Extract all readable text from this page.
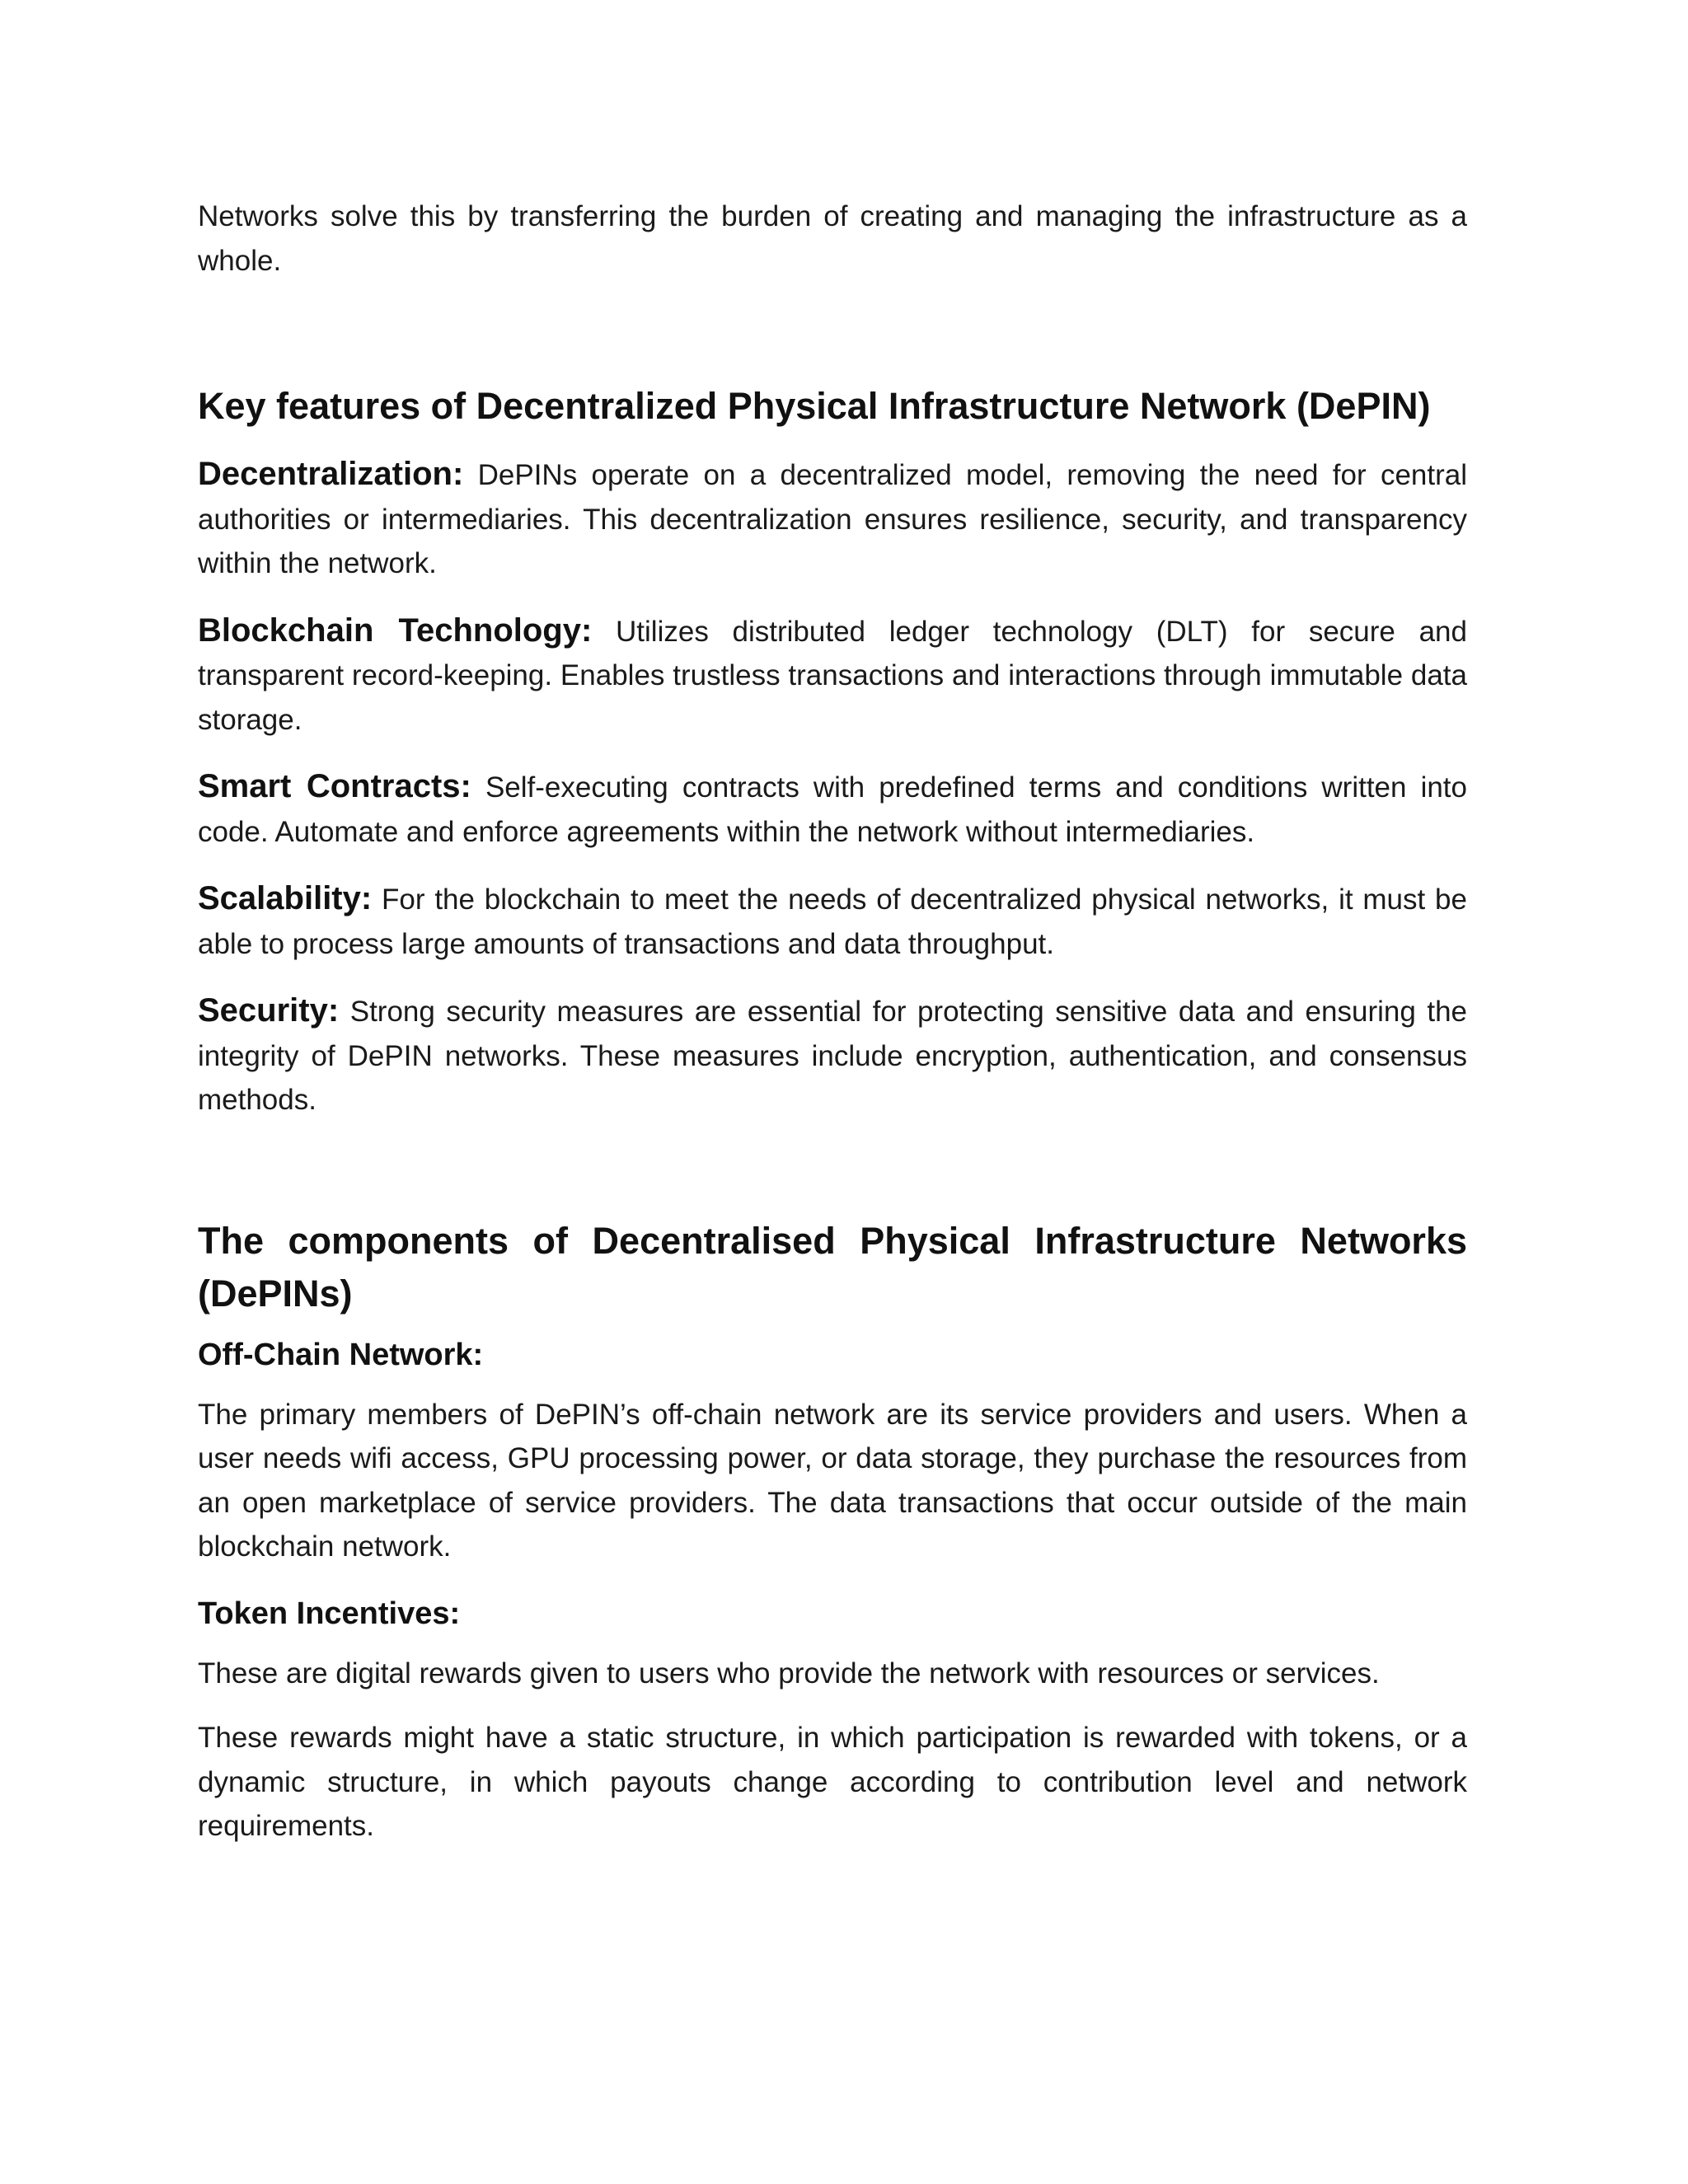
Networks solve this by transferring the burden of creating and managing the infrastructure as a whole.

Key features of Decentralized Physical Infrastructure Network (DePIN)

Decentralization: DePINs operate on a decentralized model, removing the need for central authorities or intermediaries. This decentralization ensures resilience, security, and transparency within the network.

Blockchain Technology: Utilizes distributed ledger technology (DLT) for secure and transparent record-keeping. Enables trustless transactions and interactions through immutable data storage.

Smart Contracts: Self-executing contracts with predefined terms and conditions written into code. Automate and enforce agreements within the network without intermediaries.

Scalability: For the blockchain to meet the needs of decentralized physical networks, it must be able to process large amounts of transactions and data throughput.

Security: Strong security measures are essential for protecting sensitive data and ensuring the integrity of DePIN networks. These measures include encryption, authentication, and consensus methods.

The components of Decentralised Physical Infrastructure Networks (DePINs)
Off-Chain Network:

The primary members of DePIN’s off-chain network are its service providers and users. When a user needs wifi access, GPU processing power, or data storage, they purchase the resources from an open marketplace of service providers. The data transactions that occur outside of the main blockchain network.

Token Incentives:

These are digital rewards given to users who provide the network with resources or services.

These rewards might have a static structure, in which participation is rewarded with tokens, or a dynamic structure, in which payouts change according to contribution level and network requirements.
